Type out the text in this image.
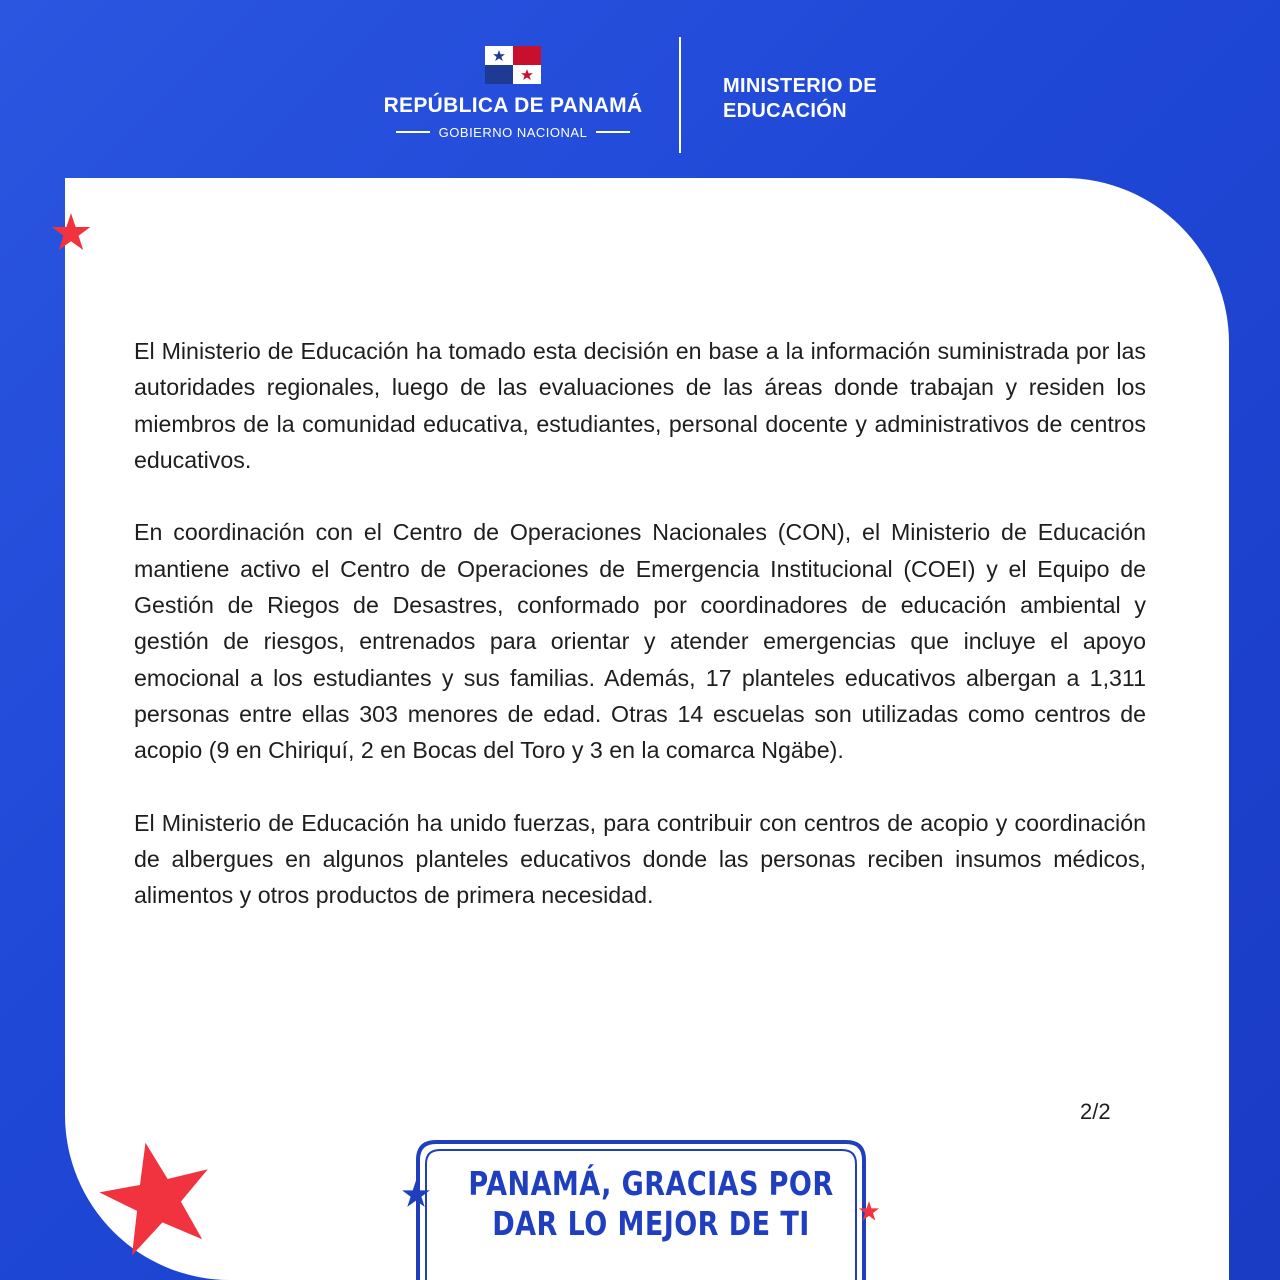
REPÚBLICA DE PANAMÁ
GOBIERNO NACIONAL
MINISTERIO DE
EDUCACIÓN

El Ministerio de Educación ha tomado esta decisión en base a la información suministrada por las autoridades regionales, luego de las evaluaciones de las áreas donde trabajan y residen los miembros de la comunidad educativa, estudiantes, personal docente y administrativos de centros educativos.

En coordinación con el Centro de Operaciones Nacionales (CON), el Ministerio de Educación mantiene activo el Centro de Operaciones de Emergencia Institucional (COEI) y el Equipo de Gestión de Riegos de Desastres, conformado por coordinadores de educación ambiental y gestión de riesgos, entrenados para orientar y atender emergencias que incluye el apoyo emocional a los estudiantes y sus familias. Además, 17 planteles educativos albergan a 1,311 personas entre ellas 303 menores de edad. Otras 14 escuelas son utilizadas como centros de acopio (9 en Chiriquí, 2 en Bocas del Toro y 3 en la comarca Ngäbe).

El Ministerio de Educación ha unido fuerzas, para contribuir con centros de acopio y coordinación de albergues en algunos planteles educativos donde las personas reciben insumos médicos, alimentos y otros productos de primera necesidad.

2/2
PANAMÁ, GRACIAS POR
DAR LO MEJOR DE TI
